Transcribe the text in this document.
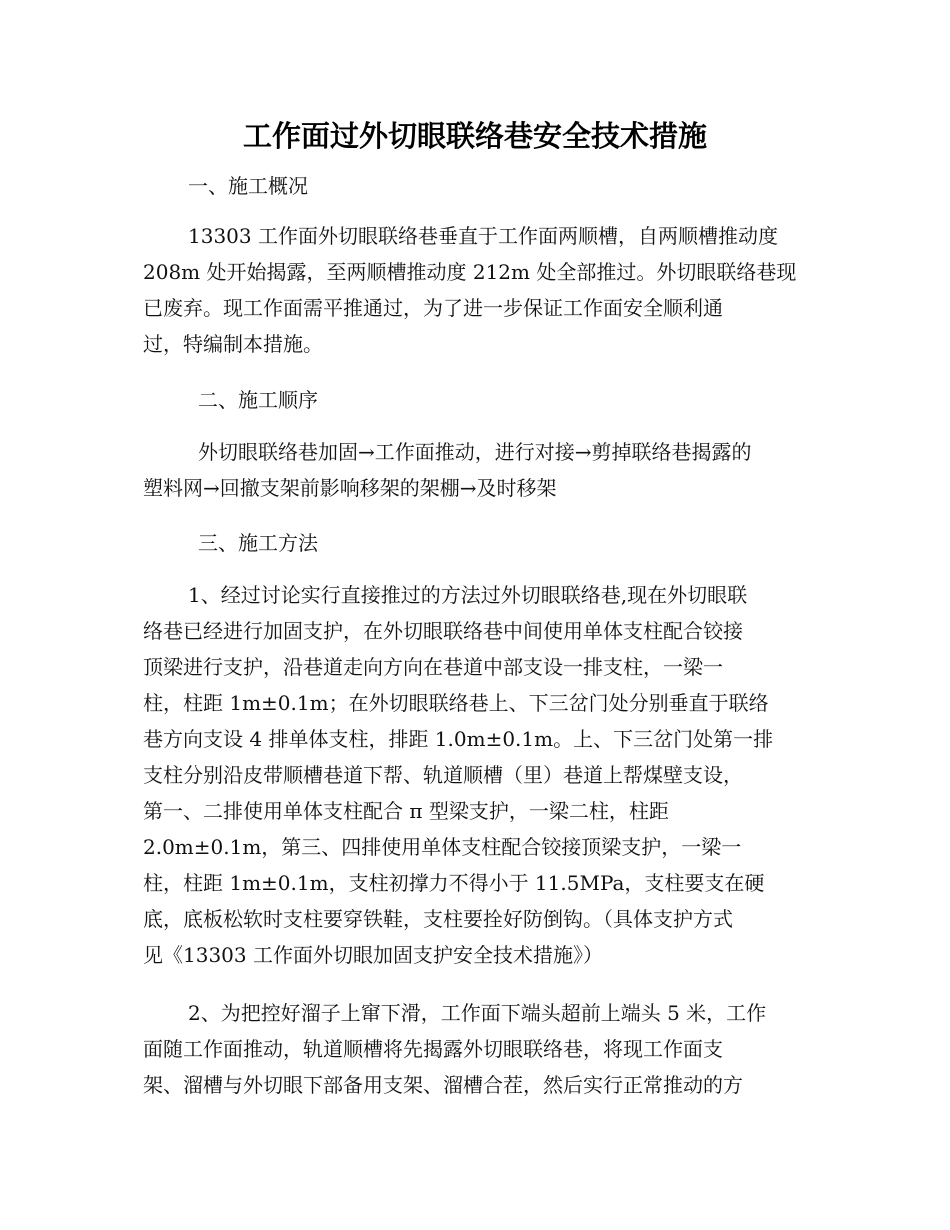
工作面过外切眼联络巷安全技术措施
一、施工概况
13303 工作面外切眼联络巷垂直于工作面两顺槽，自两顺槽推动度
208m 处开始揭露，至两顺槽推动度 212m 处全部推过。外切眼联络巷现
已废弃。现工作面需平推通过，为了进一步保证工作面安全顺利通
过，特编制本措施。
二、施工顺序
外切眼联络巷加固→工作面推动，进行对接→剪掉联络巷揭露的
塑料网→回撤支架前影响移架的架棚→及时移架
三、施工方法
1、经过讨论实行直接推过的方法过外切眼联络巷,现在外切眼联
络巷已经进行加固支护，在外切眼联络巷中间使用单体支柱配合铰接
顶梁进行支护，沿巷道走向方向在巷道中部支设一排支柱，一梁一
柱，柱距 1m±0.1m；在外切眼联络巷上、下三岔门处分别垂直于联络
巷方向支设 4 排单体支柱，排距 1.0m±0.1m。上、下三岔门处第一排
支柱分别沿皮带顺槽巷道下帮、轨道顺槽（里）巷道上帮煤壁支设，
第一、二排使用单体支柱配合 π 型梁支护，一梁二柱，柱距
2.0m±0.1m，第三、四排使用单体支柱配合铰接顶梁支护，一梁一
柱，柱距 1m±0.1m，支柱初撑力不得小于 11.5MPa，支柱要支在硬
底，底板松软时支柱要穿铁鞋，支柱要拴好防倒钩。（具体支护方式
见《13303 工作面外切眼加固支护安全技术措施》）
2、为把控好溜子上窜下滑，工作面下端头超前上端头 5 米，工作
面随工作面推动，轨道顺槽将先揭露外切眼联络巷，将现工作面支
架、溜槽与外切眼下部备用支架、溜槽合茬，然后实行正常推动的方
